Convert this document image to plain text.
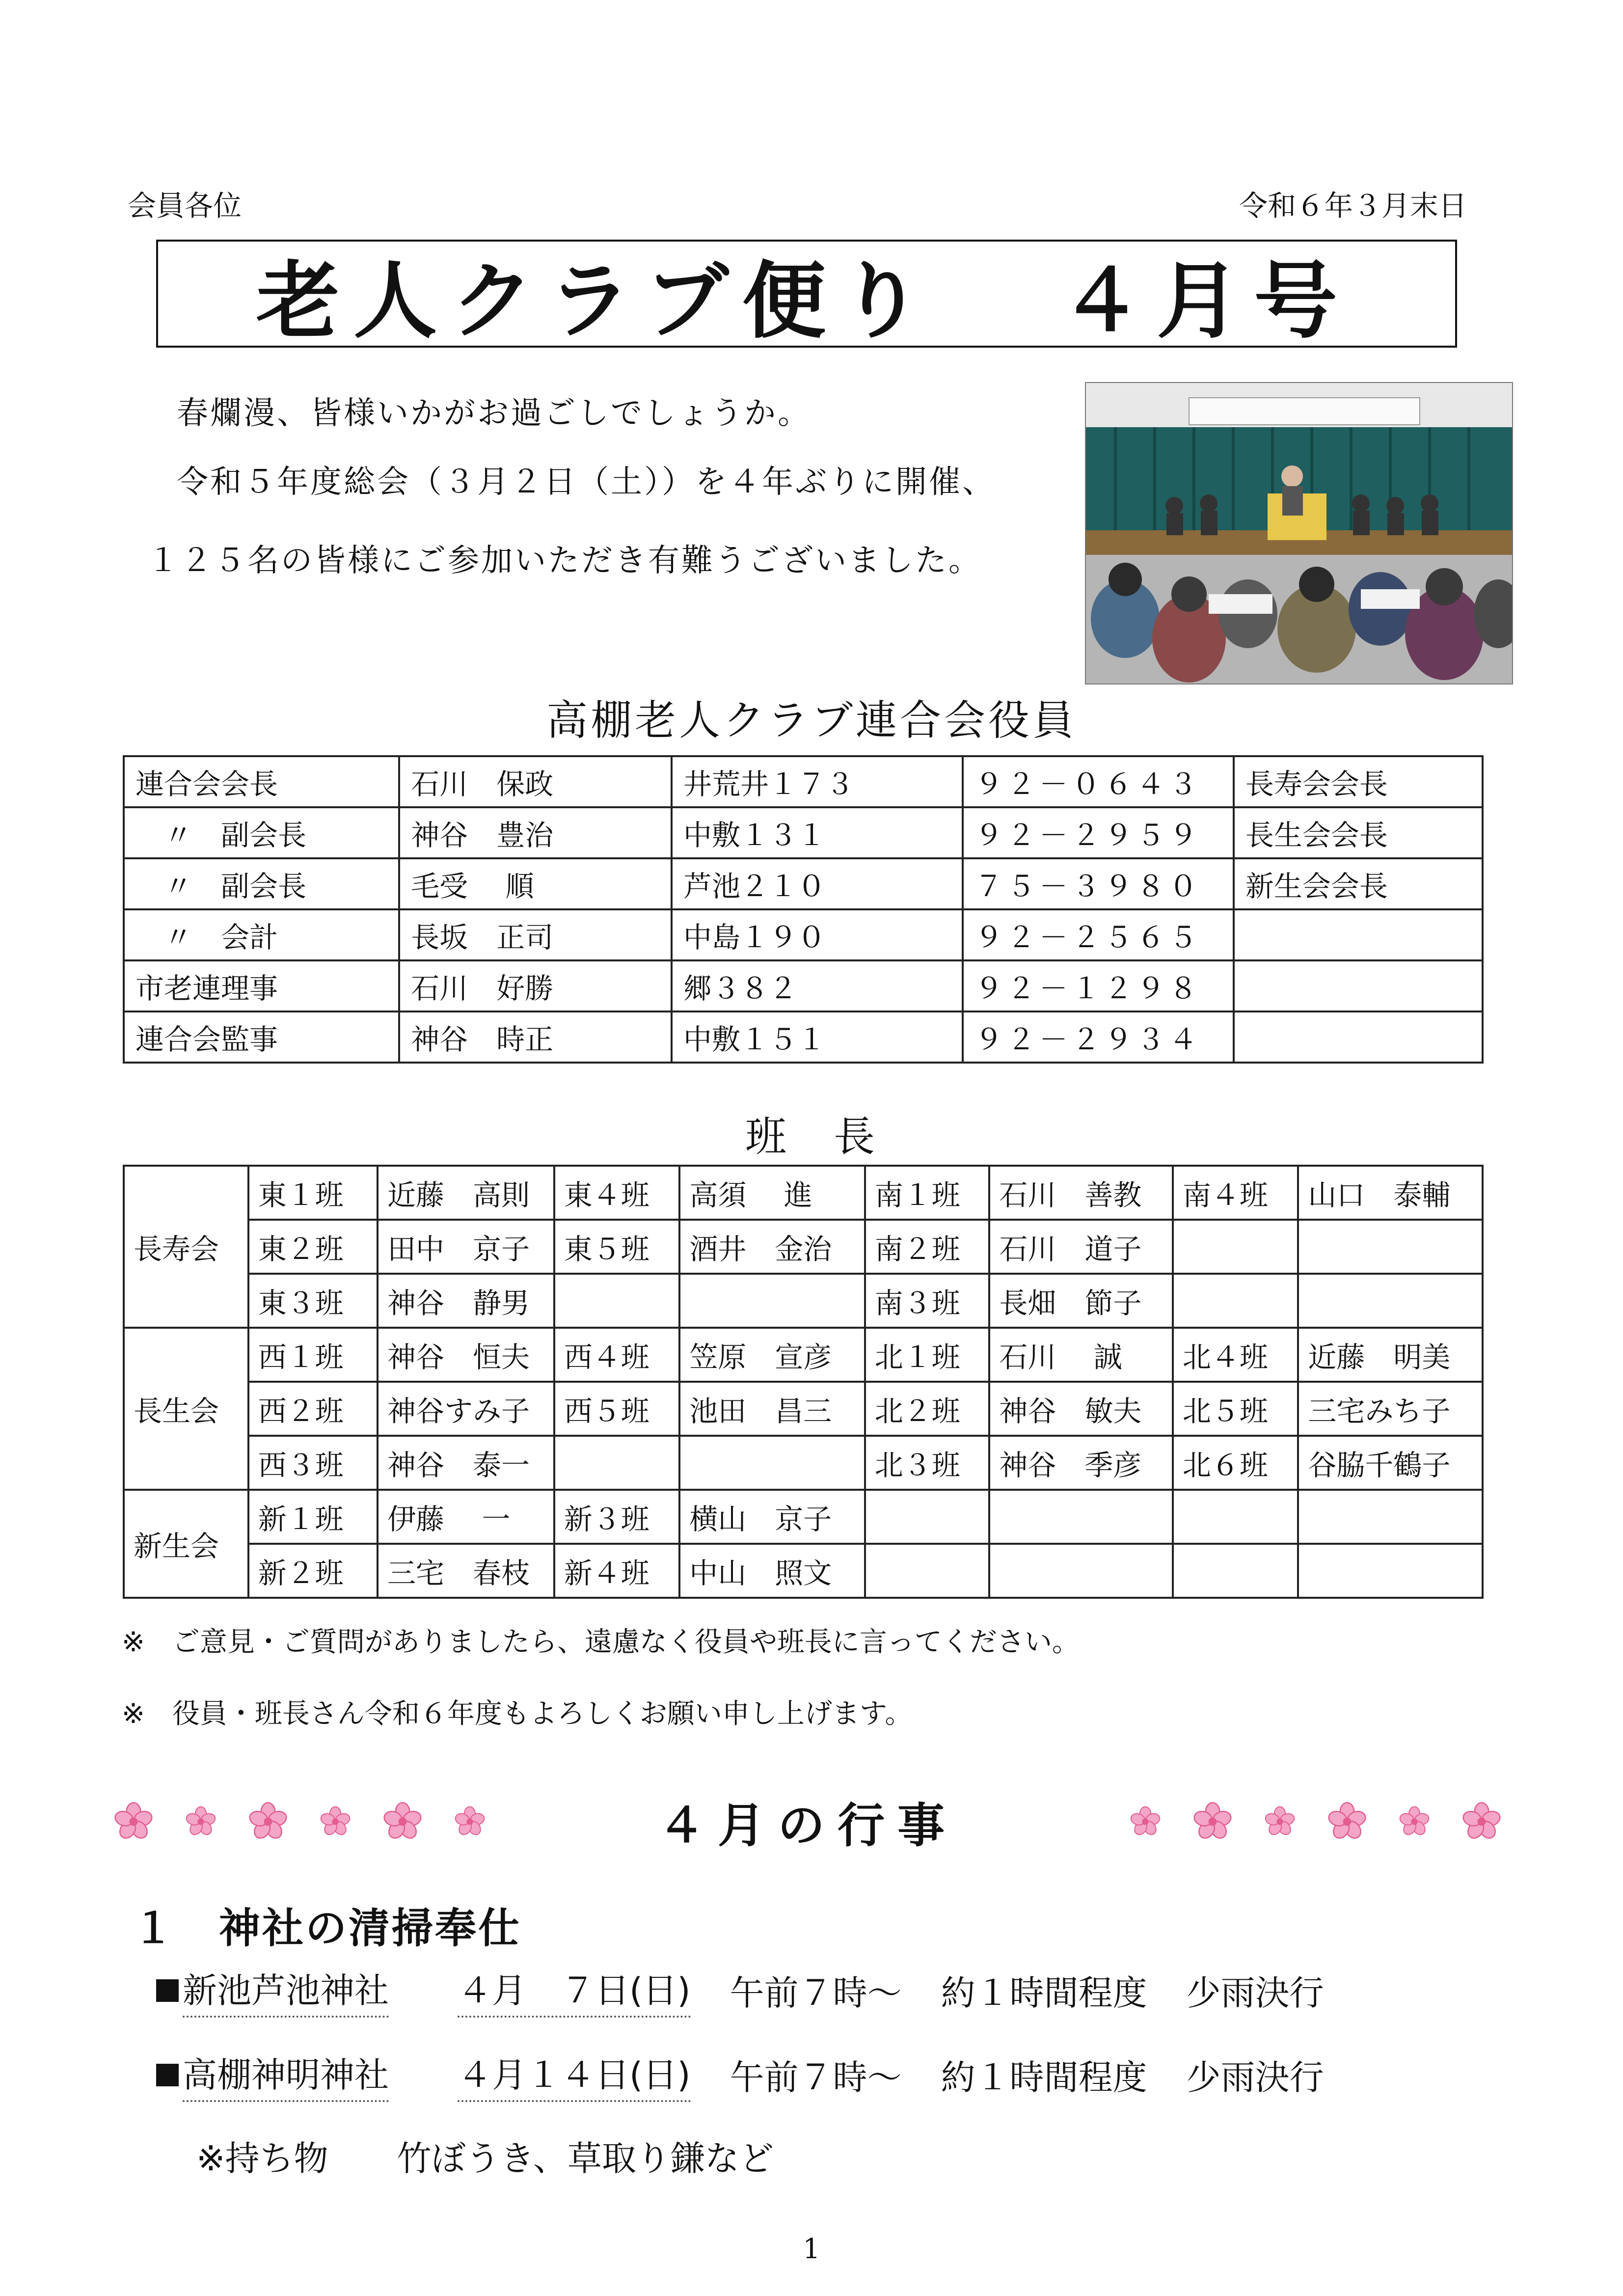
会員各位	令和６年３月末日
老人クラブ便り ４月号
春爛漫、皆様いかがお過ごしでしょうか。
令和５年度総会（３月２日（土））を４年ぶりに開催、
１２５名の皆様にご参加いただき有難うございました。
高棚老人クラブ連合会役員
連合会会長	石川　保政	井荒井１７３	９２－０６４３	長寿会会長
　〃　副会長	神谷　豊治	中敷１３１	９２－２９５９	長生会会長
　〃　副会長	毛受　 順	芦池２１０	７５－３９８０	新生会会長
　〃　会計	長坂　正司	中島１９０	９２－２５６５	
市老連理事	石川　好勝	郷３８２	９２－１２９８	
連合会監事	神谷　時正	中敷１５１	９２－２９３４	
班　長
長寿会	東１班	近藤　高則	東４班	高須　 進	南１班	石川　善教	南４班	山口　泰輔
	東２班	田中　京子	東５班	酒井　金治	南２班	石川　道子		
	東３班	神谷　静男			南３班	長畑　節子		
長生会	西１班	神谷　恒夫	西４班	笠原　宣彦	北１班	石川　 誠	北４班	近藤　明美
	西２班	神谷すみ子	西５班	池田　昌三	北２班	神谷　敏夫	北５班	三宅みち子
	西３班	神谷　泰一			北３班	神谷　季彦	北６班	谷脇千鶴子
新生会	新１班	伊藤　 一	新３班	横山　京子				
	新２班	三宅　春枝	新４班	中山　照文				
※　ご意見・ご質問がありましたら、遠慮なく役員や班長に言ってください。
※　役員・班長さん令和６年度もよろしくお願い申し上げます。
４月の行事
１　神社の清掃奉仕
新池芦池神社 ４月　７日(日) 午前７時～ 約１時間程度 少雨決行
高棚神明神社 ４月１４日(日) 午前７時～ 約１時間程度 少雨決行
※持ち物　　竹ぼうき、草取り鎌など
1
